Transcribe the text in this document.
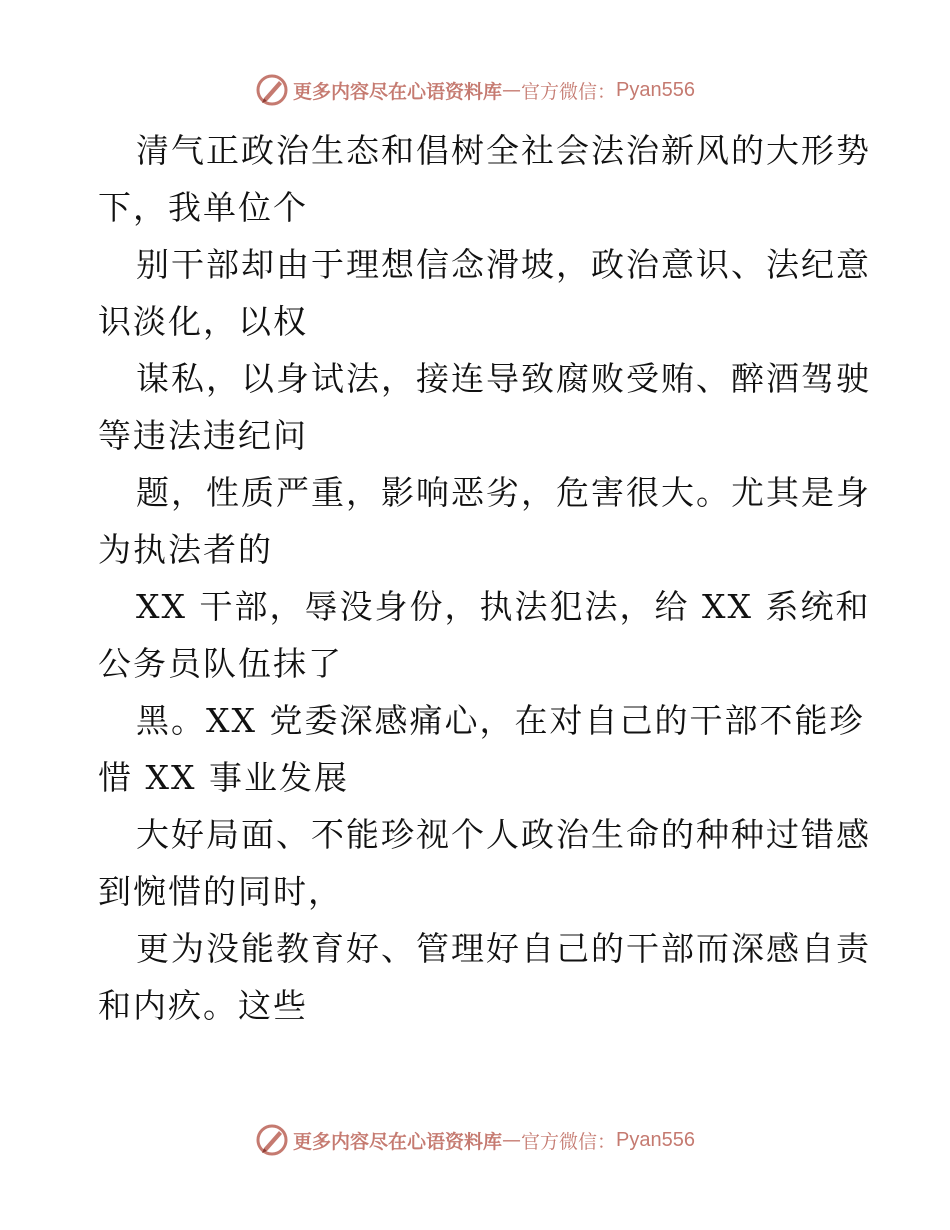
更多内容尽在心语资料库 — 官方微信： Pyan556

清气正政治生态和倡树全社会法治新风的大形势
下，我单位个

别干部却由于理想信念滑坡，政治意识、法纪意
识淡化，以权

谋私，以身试法，接连导致腐败受贿、醉酒驾驶
等违法违纪问

题，性质严重，影响恶劣，危害很大。尤其是身
为执法者的

XX 干部，辱没身份，执法犯法，给 XX 系统和
公务员队伍抹了

黑。XX 党委深感痛心，在对自己的干部不能珍
惜 XX 事业发展

大好局面、不能珍视个人政治生命的种种过错感
到惋惜的同时，

更为没能教育好、管理好自己的干部而深感自责
和内疚。这些

更多内容尽在心语资料库 — 官方微信： Pyan556
